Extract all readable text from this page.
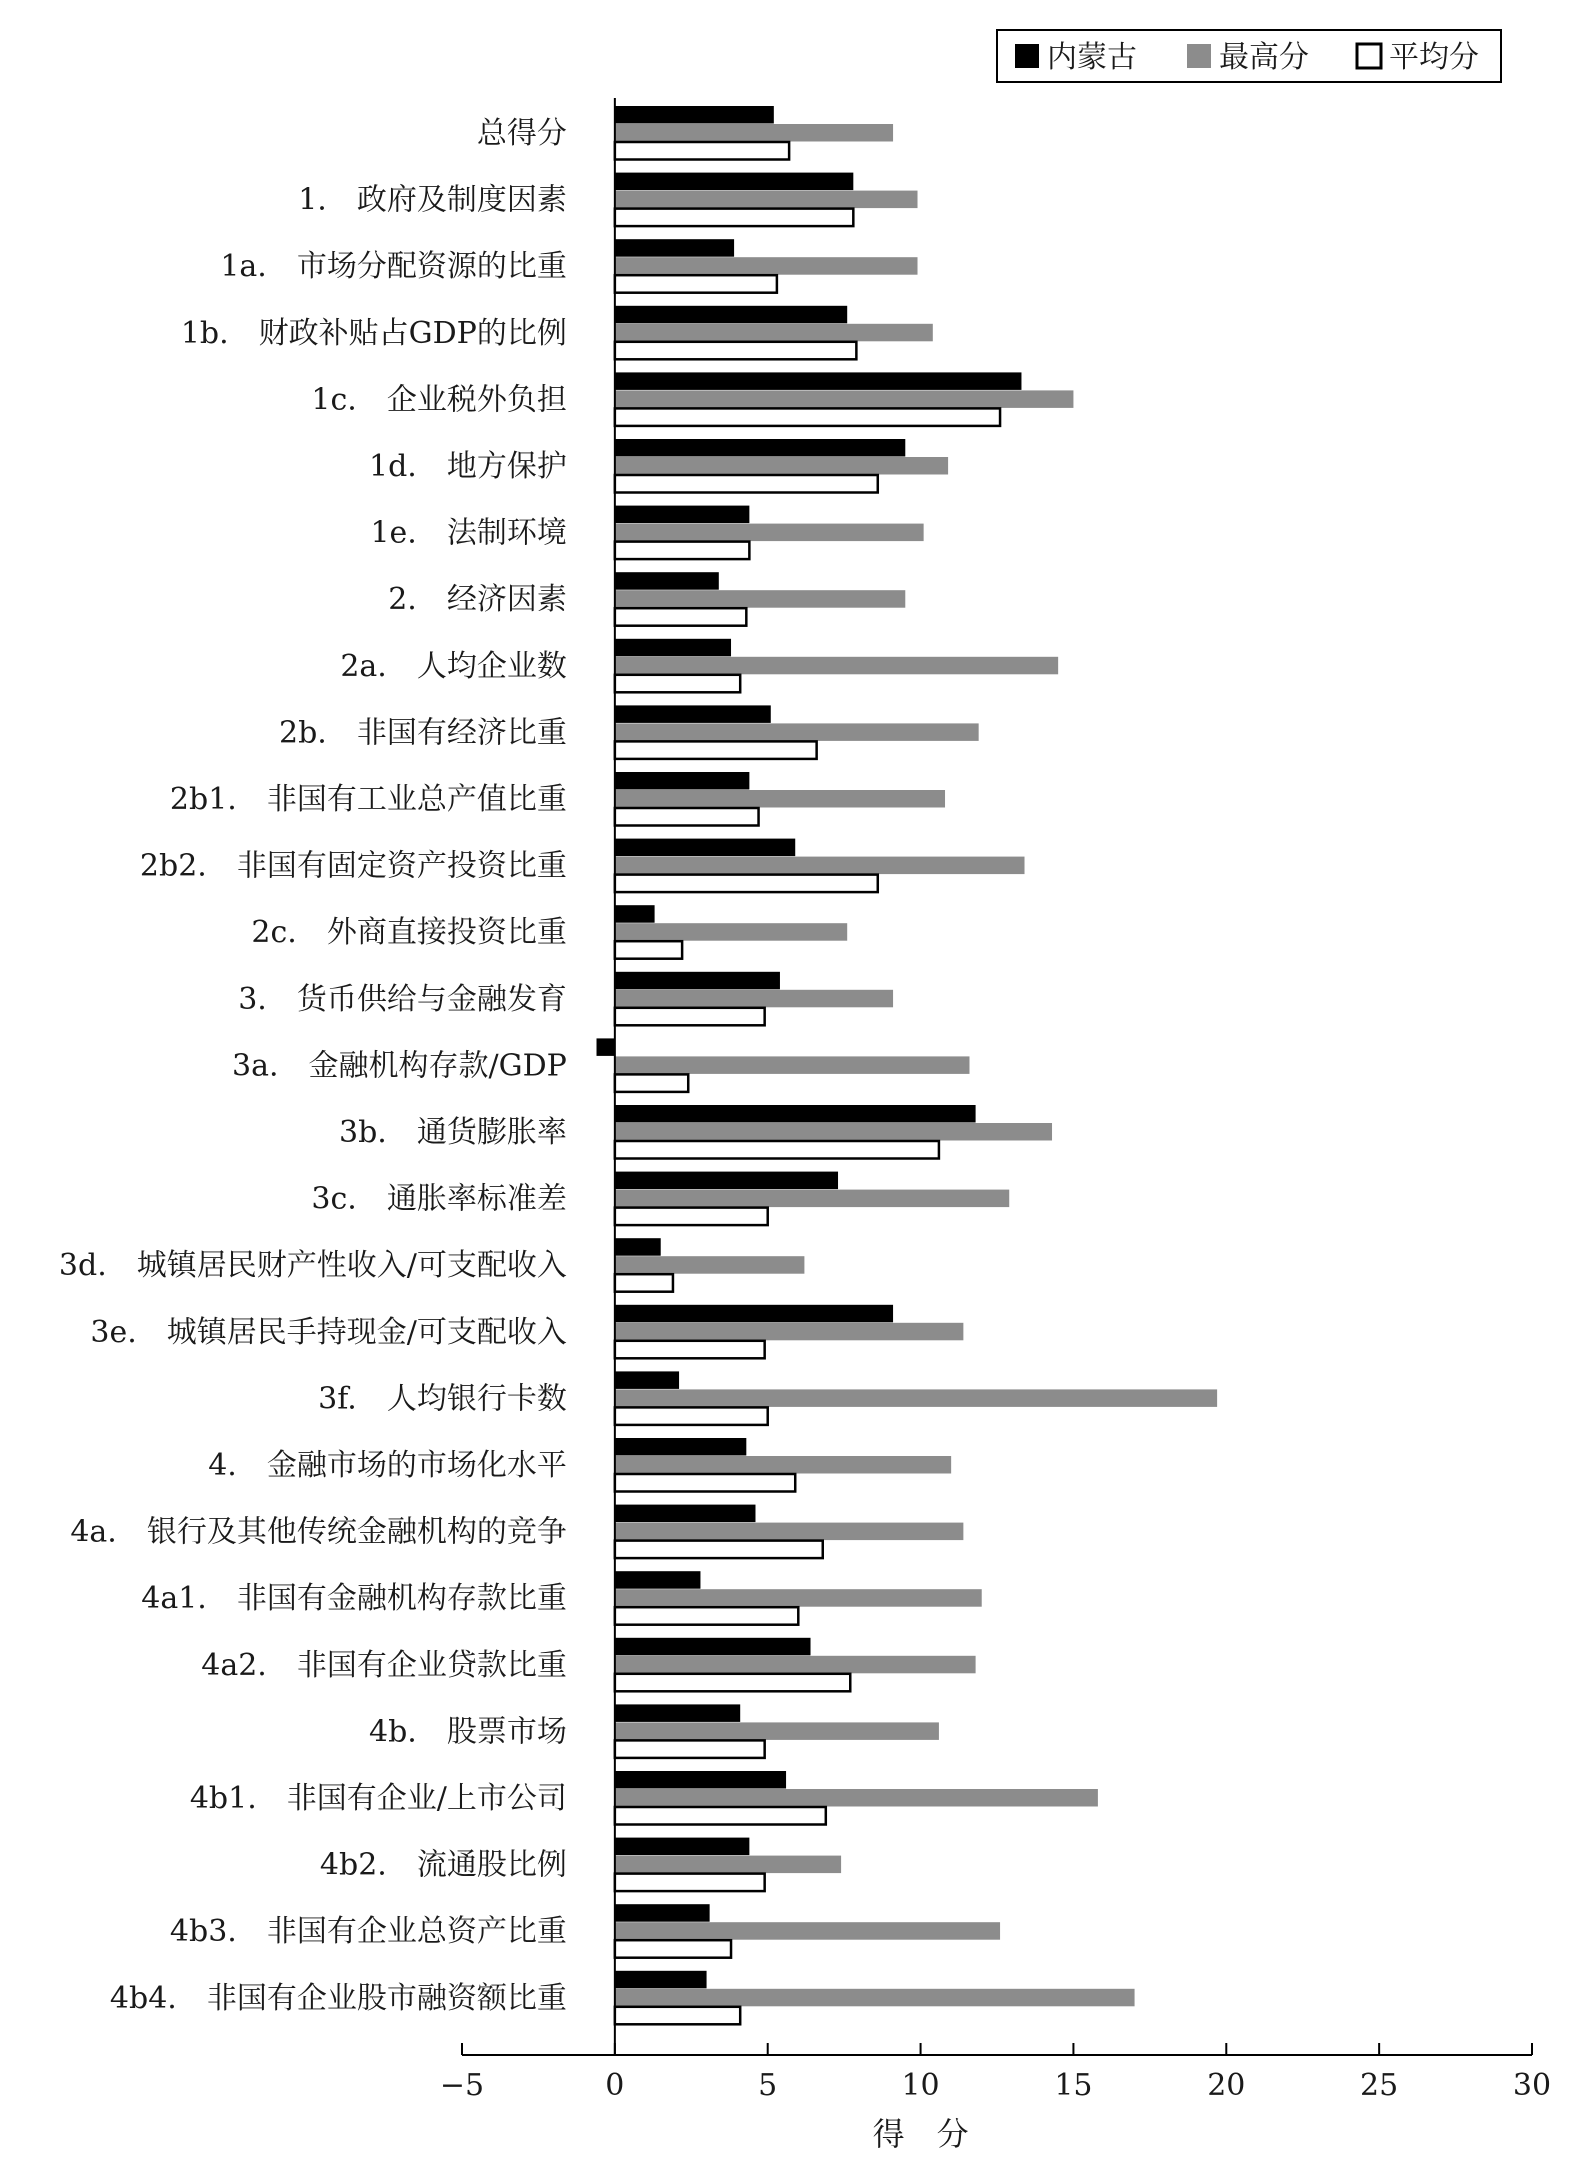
−5	0	5	10	15	20	25	30
得　分
总得分
1.　政府及制度因素
1a.　市场分配资源的比重
1b.　财政补贴占GDP的比例
1c.　企业税外负担
1d.　地方保护
1e.　法制环境
2.　经济因素
2a.　人均企业数
2b.　非国有经济比重
2b1.　非国有工业总产值比重
2b2.　非国有固定资产投资比重
2c.　外商直接投资比重
3.　货币供给与金融发育
3a.　金融机构存款/GDP
3b.　通货膨胀率
3c.　通胀率标准差
3d.　城镇居民财产性收入/可支配收入
3e.　城镇居民手持现金/可支配收入
3f.　人均银行卡数
4.　金融市场的市场化水平
4a.　银行及其他传统金融机构的竞争
4a1.　非国有金融机构存款比重
4a2.　非国有企业贷款比重
4b.　股票市场
4b1.　非国有企业/上市公司
4b2.　流通股比例
4b3.　非国有企业总资产比重
4b4.　非国有企业股市融资额比重
内蒙古	最高分	平均分
